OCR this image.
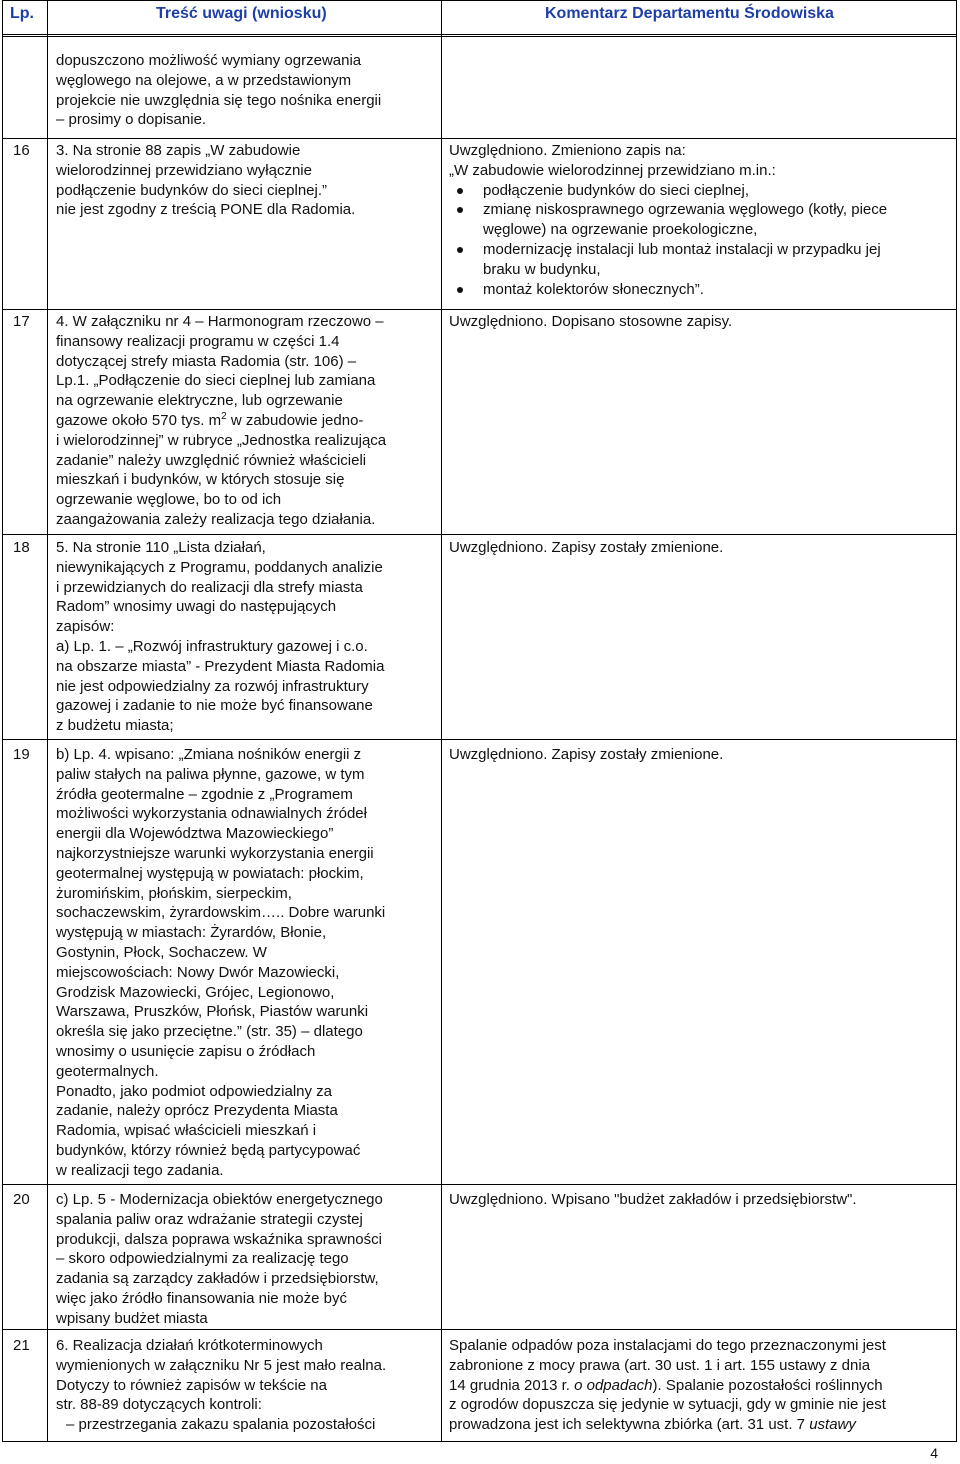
Lp.	Treść uwagi (wniosku)	Komentarz Departamentu Środowiska
dopuszczono możliwość wymiany ogrzewania
węglowego na olejowe, a w przedstawionym
projekcie nie uwzględnia się tego nośnika energii
– prosimy o dopisanie.
16 3. Na stronie 88 zapis „W zabudowie
wielorodzinnej przewidziano wyłącznie
podłączenie budynków do sieci cieplnej.”
nie jest zgodny z treścią PONE dla Radomia.
Uwzględniono. Zmieniono zapis na:
„W zabudowie wielorodzinnej przewidziano m.in.:
podłączenie budynków do sieci cieplnej,
zmianę niskosprawnego ogrzewania węglowego (kotły, piece
węglowe) na ogrzewanie proekologiczne,
modernizację instalacji lub montaż instalacji w przypadku jej
braku w budynku,
montaż kolektorów słonecznych”.
17 4. W załączniku nr 4 – Harmonogram rzeczowo –
finansowy realizacji programu w części 1.4
dotyczącej strefy miasta Radomia (str. 106) –
Lp.1. „Podłączenie do sieci cieplnej lub zamiana
na ogrzewanie elektryczne, lub ogrzewanie
gazowe około 570 tys. $m^2$ w zabudowie jedno-
i wielorodzinnej” w rubryce „Jednostka realizująca
zadanie” należy uwzględnić również właścicieli
mieszkań i budynków, w których stosuje się
ogrzewanie węglowe, bo to od ich
zaangażowania zależy realizacja tego działania.
Uwzględniono. Dopisano stosowne zapisy.
18 5. Na stronie 110 „Lista działań,
niewynikających z Programu, poddanych analizie
i przewidzianych do realizacji dla strefy miasta
Radom” wnosimy uwagi do następujących
zapisów:
a) Lp. 1. – „Rozwój infrastruktury gazowej i c.o.
na obszarze miasta” - Prezydent Miasta Radomia
nie jest odpowiedzialny za rozwój infrastruktury
gazowej i zadanie to nie może być finansowane
z budżetu miasta;
Uwzględniono. Zapisy zostały zmienione.
19 b) Lp. 4. wpisano: „Zmiana nośników energii z
paliw stałych na paliwa płynne, gazowe, w tym
źródła geotermalne – zgodnie z „Programem
możliwości wykorzystania odnawialnych źródeł
energii dla Województwa Mazowieckiego”
najkorzystniejsze warunki wykorzystania energii
geotermalnej występują w powiatach: płockim,
żuromińskim, płońskim, sierpeckim,
sochaczewskim, żyrardowskim….. Dobre warunki
występują w miastach: Żyrardów, Błonie,
Gostynin, Płock, Sochaczew. W
miejscowościach: Nowy Dwór Mazowiecki,
Grodzisk Mazowiecki, Grójec, Legionowo,
Warszawa, Pruszków, Płońsk, Piastów warunki
określa się jako przeciętne.” (str. 35) – dlatego
wnosimy o usunięcie zapisu o źródłach
geotermalnych.
Ponadto, jako podmiot odpowiedzialny za
zadanie, należy oprócz Prezydenta Miasta
Radomia, wpisać właścicieli mieszkań i
budynków, którzy również będą partycypować
w realizacji tego zadania.
Uwzględniono. Zapisy zostały zmienione.
20 c) Lp. 5 - Modernizacja obiektów energetycznego
spalania paliw oraz wdrażanie strategii czystej
produkcji, dalsza poprawa wskaźnika sprawności
– skoro odpowiedzialnymi za realizację tego
zadania są zarządcy zakładów i przedsiębiorstw,
więc jako źródło finansowania nie może być
wpisany budżet miasta
Uwzględniono. Wpisano "budżet zakładów i przedsiębiorstw".
21 6. Realizacja działań krótkoterminowych
wymienionych w załączniku Nr 5 jest mało realna.
Dotyczy to również zapisów w tekście na
str. 88-89 dotyczących kontroli:
– przestrzegania zakazu spalania pozostałości
Spalanie odpadów poza instalacjami do tego przeznaczonymi jest
zabronione z mocy prawa (art. 30 ust. 1 i art. 155 ustawy z dnia
14 grudnia 2013 r. o odpadach). Spalanie pozostałości roślinnych
z ogrodów dopuszcza się jedynie w sytuacji, gdy w gminie nie jest
prowadzona jest ich selektywna zbiórka (art. 31 ust. 7 ustawy
4
